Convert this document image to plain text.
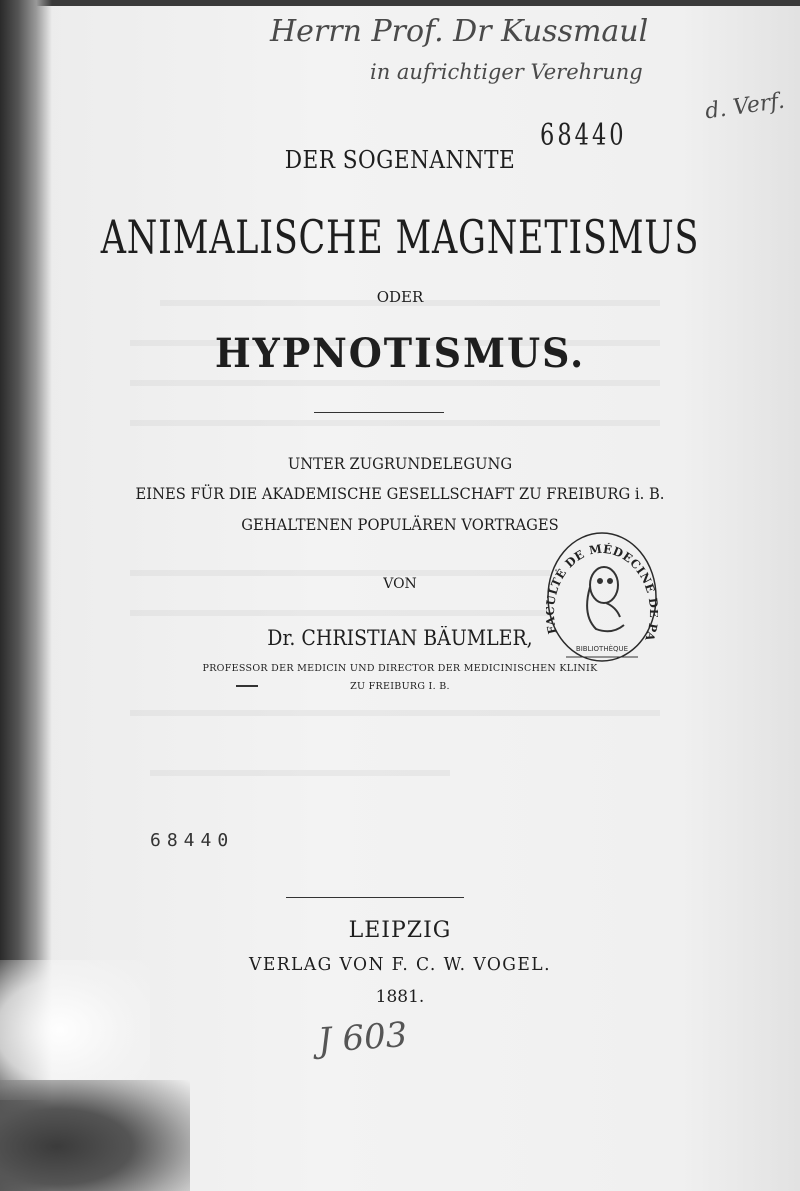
Herrn Prof. Dr Kussmaul
in aufrichtiger Verehrung
d. Verf.
68440
DER SOGENANNTE
ANIMALISCHE MAGNETISMUS
ODER
HYPNOTISMUS.
UNTER ZUGRUNDELEGUNG
EINES FÜR DIE AKADEMISCHE GESELLSCHAFT ZU FREIBURG i. B.
GEHALTENEN POPULÄREN VORTRAGES
VON
Dr. CHRISTIAN BÄUMLER,
PROFESSOR DER MEDICIN UND DIRECTOR DER MEDICINISCHEN KLINIK
ZU FREIBURG I. B.
LTÉ DE MÉDECINE A
BIBLIOTHÈQUE
68440
LEIPZIG
VERLAG VON F. C. W. VOGEL.
1881.
J 603
